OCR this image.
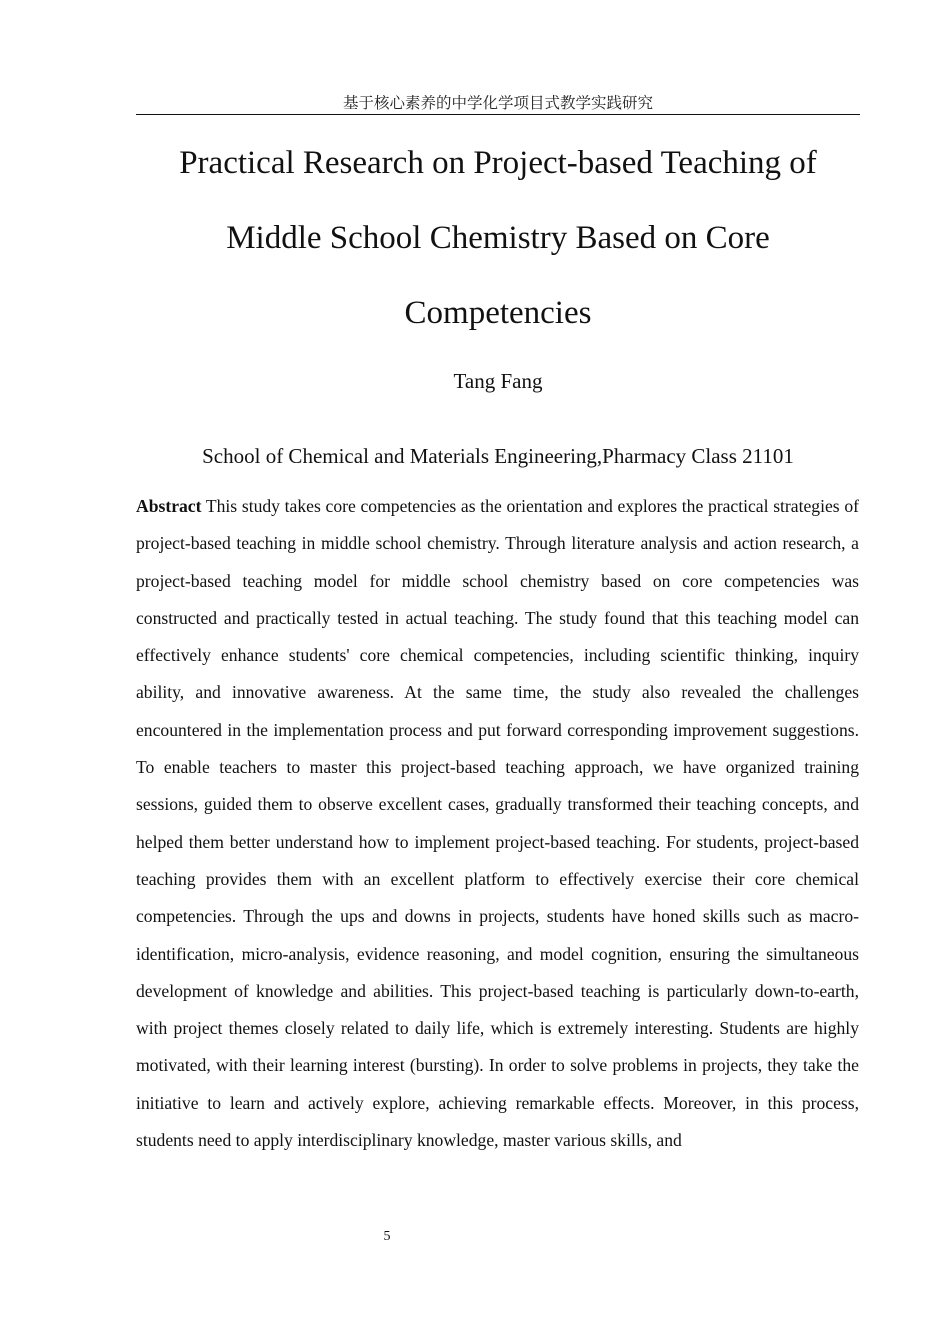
基于核心素养的中学化学项目式教学实践研究
Practical Research on Project-based Teaching of Middle School Chemistry Based on Core Competencies
Tang Fang
School of Chemical and Materials Engineering,Pharmacy Class 21101

Abstract This study takes core competencies as the orientation and explores the practical strategies of project-based teaching in middle school chemistry. Through literature analysis and action research, a project-based teaching model for middle school chemistry based on core competencies was constructed and practically tested in actual teaching. The study found that this teaching model can effectively enhance students' core chemical competencies, including scientific thinking, inquiry ability, and innovative awareness. At the same time, the study also revealed the challenges encountered in the implementation process and put forward corresponding improvement suggestions. To enable teachers to master this project-based teaching approach, we have organized training sessions, guided them to observe excellent cases, gradually transformed their teaching concepts, and helped them better understand how to implement project-based teaching. For students, project-based teaching provides them with an excellent platform to effectively exercise their core chemical competencies. Through the ups and downs in projects, students have honed skills such as macro-identification, micro-analysis, evidence reasoning, and model cognition, ensuring the simultaneous development of knowledge and abilities. This project-based teaching is particularly down-to-earth, with project themes closely related to daily life, which is extremely interesting. Students are highly motivated, with their learning interest (bursting). In order to solve problems in projects, they take the initiative to learn and actively explore, achieving remarkable effects. Moreover, in this process, students need to apply interdisciplinary knowledge, master various skills, and

5
